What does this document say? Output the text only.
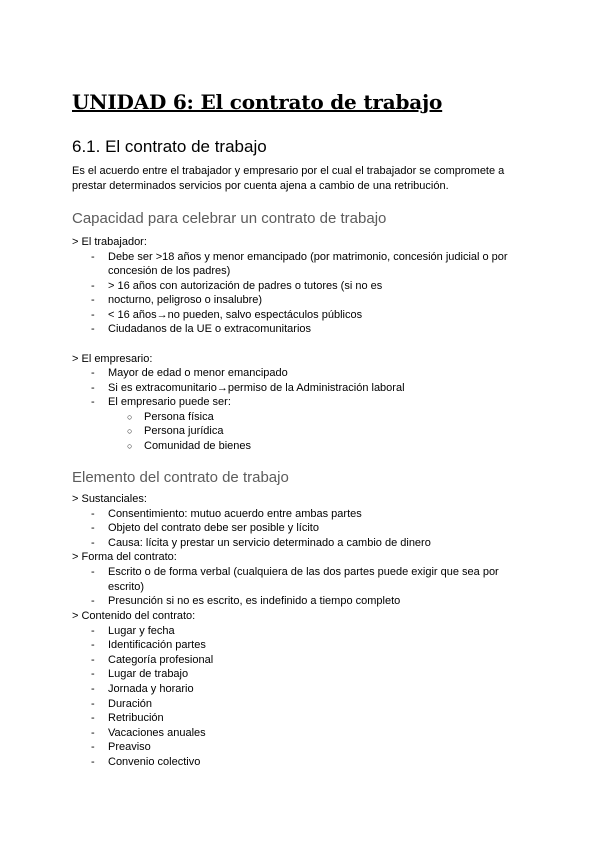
UNIDAD 6: El contrato de trabajo
6.1. El contrato de trabajo
Es el acuerdo entre el trabajador y empresario por el cual el trabajador se compromete a
prestar determinados servicios por cuenta ajena a cambio de una retribución.
Capacidad para celebrar un contrato de trabajo
> El trabajador:
- Debe ser >18 años y menor emancipado (por matrimonio, concesión judicial o por
concesión de los padres)
- > 16 años con autorización de padres o tutores (si no es
- nocturno, peligroso o insalubre)
- < 16 años→no pueden, salvo espectáculos públicos
- Ciudadanos de la UE o extracomunitarios
> El empresario:
- Mayor de edad o menor emancipado
- Si es extracomunitario→permiso de la Administración laboral
- El empresario puede ser:
○ Persona física
○ Persona jurídica
○ Comunidad de bienes
Elemento del contrato de trabajo
> Sustanciales:
- Consentimiento: mutuo acuerdo entre ambas partes
- Objeto del contrato debe ser posible y lícito
- Causa: lícita y prestar un servicio determinado a cambio de dinero
> Forma del contrato:
- Escrito o de forma verbal (cualquiera de las dos partes puede exigir que sea por
escrito)
- Presunción si no es escrito, es indefinido a tiempo completo
> Contenido del contrato:
- Lugar y fecha
- Identificación partes
- Categoría profesional
- Lugar de trabajo
- Jornada y horario
- Duración
- Retribución
- Vacaciones anuales
- Preaviso
- Convenio colectivo
